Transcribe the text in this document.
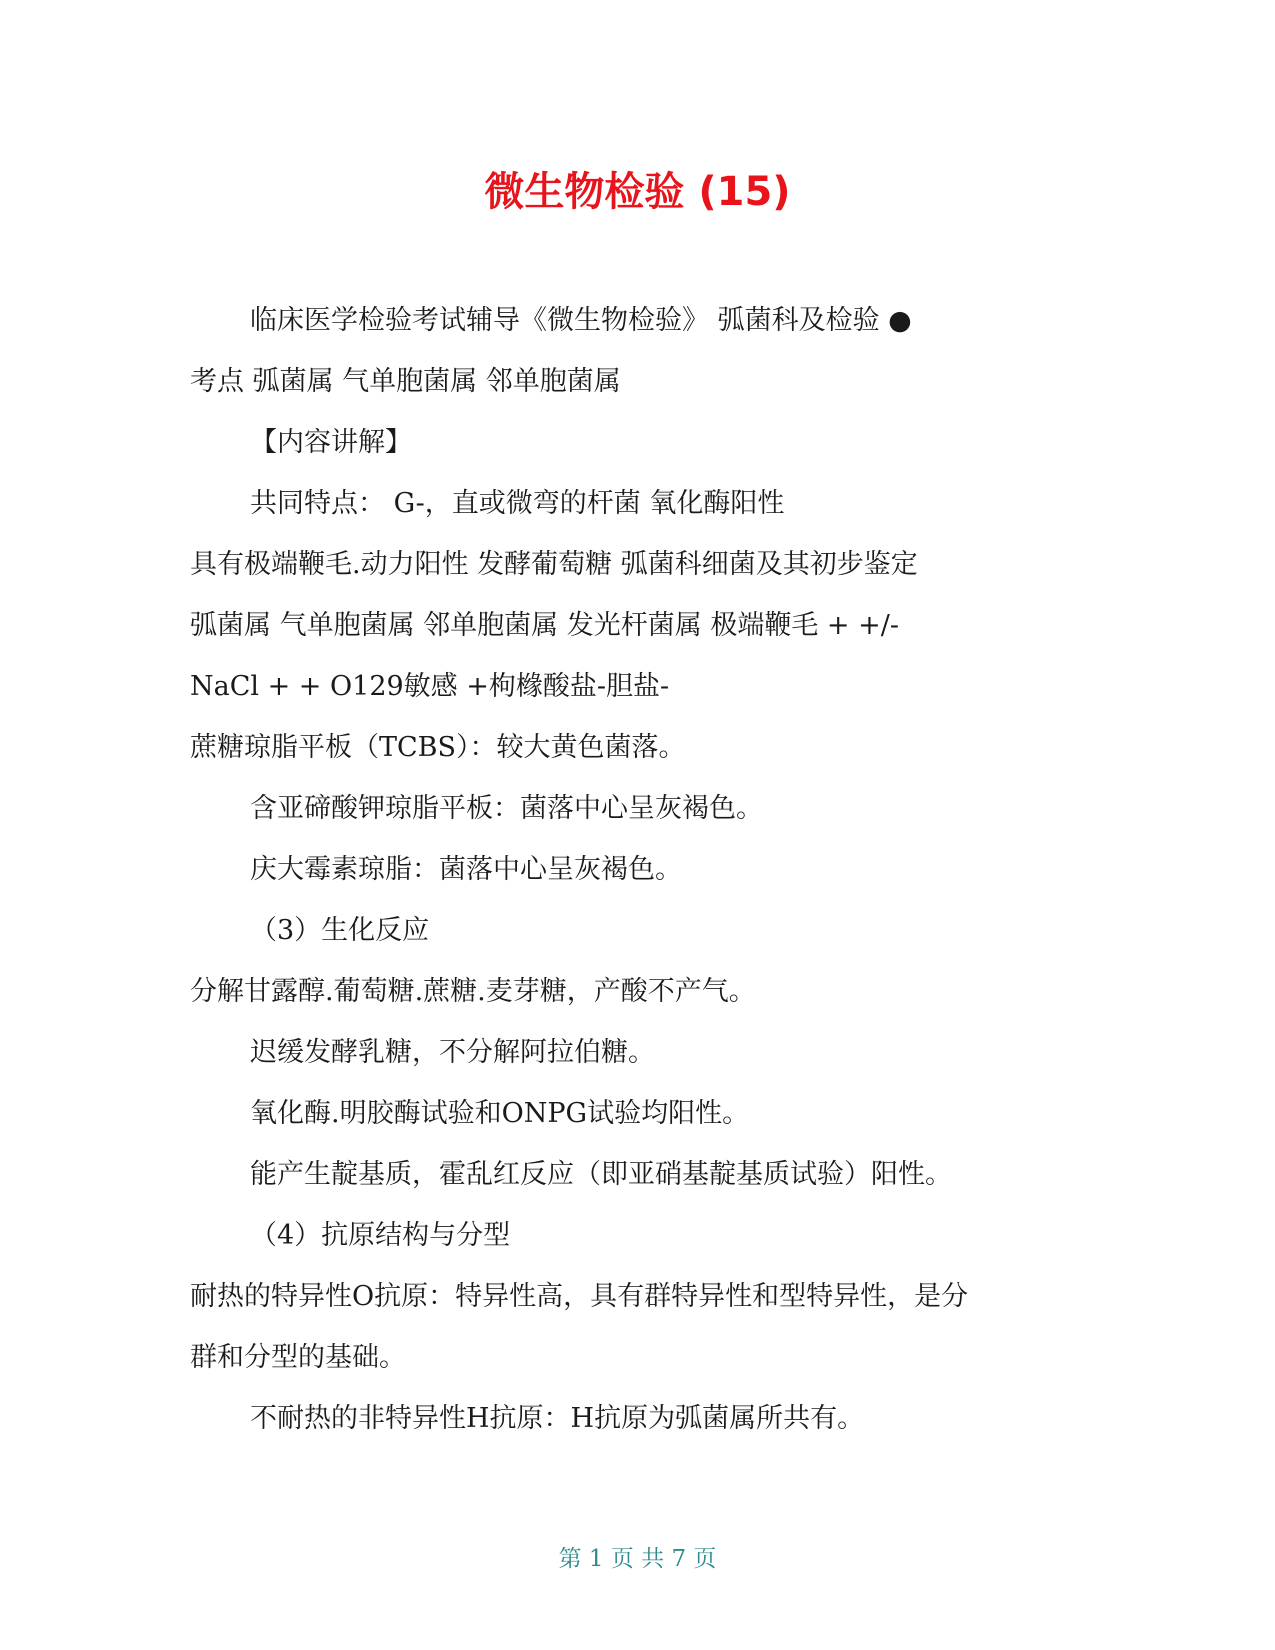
微生物检验 (15)
临床医学检验考试辅导《微生物检验》 弧菌科及检验 ●
考点 弧菌属 气单胞菌属 邻单胞菌属
【内容讲解】
共同特点： G-，直或微弯的杆菌 氧化酶阳性
具有极端鞭毛.动力阳性 发酵葡萄糖 弧菌科细菌及其初步鉴定
弧菌属 气单胞菌属 邻单胞菌属 发光杆菌属 极端鞭毛 + +/-
NaCl + + O129敏感 +枸橼酸盐-胆盐-
蔗糖琼脂平板（TCBS）：较大黄色菌落。
含亚碲酸钾琼脂平板：菌落中心呈灰褐色。
庆大霉素琼脂：菌落中心呈灰褐色。
（3）生化反应
分解甘露醇.葡萄糖.蔗糖.麦芽糖，产酸不产气。
迟缓发酵乳糖，不分解阿拉伯糖。
氧化酶.明胶酶试验和ONPG试验均阳性。
能产生靛基质，霍乱红反应（即亚硝基靛基质试验）阳性。
（4）抗原结构与分型
耐热的特异性O抗原：特异性高，具有群特异性和型特异性，是分
群和分型的基础。
不耐热的非特异性H抗原：H抗原为弧菌属所共有。
第 1 页 共 7 页
